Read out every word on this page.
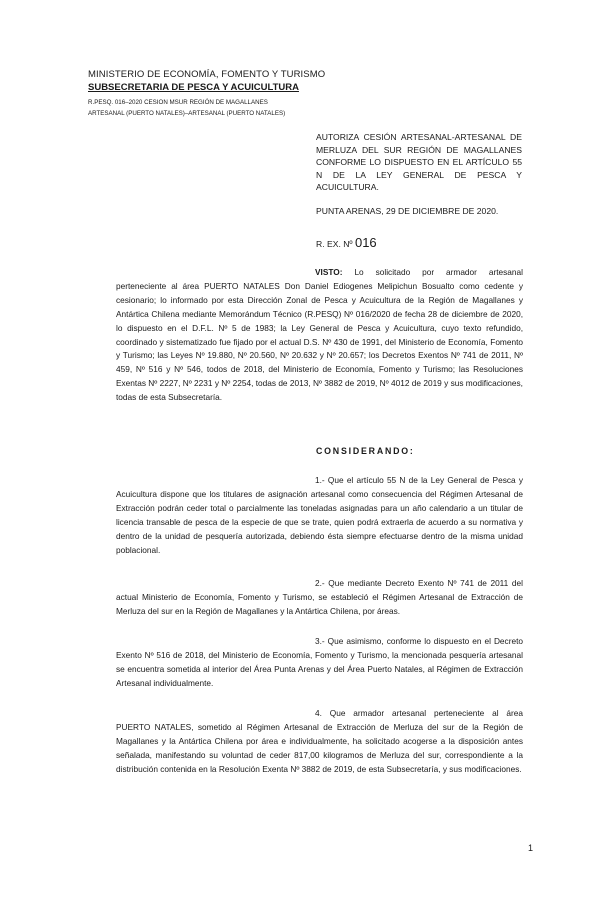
MINISTERIO DE ECONOMÍA, FOMENTO Y TURISMO
SUBSECRETARIA DE PESCA Y ACUICULTURA
R.PESQ. 016–2020 CESION MSUR REGIÓN DE MAGALLANES
ARTESANAL (PUERTO NATALES)–ARTESANAL (PUERTO NATALES)
AUTORIZA CESIÓN ARTESANAL-ARTESANAL DE MERLUZA DEL SUR REGIÓN DE MAGALLANES CONFORME LO DISPUESTO EN EL ARTÍCULO 55 N DE LA LEY GENERAL DE PESCA Y ACUICULTURA.
PUNTA ARENAS, 29 DE DICIEMBRE DE 2020.
R. EX. Nº 016
VISTO: Lo solicitado por armador artesanal perteneciente al área PUERTO NATALES Don Daniel Ediogenes Melipichun Bosualto como cedente y cesionario; lo informado por esta Dirección Zonal de Pesca y Acuicultura de la Región de Magallanes y Antártica Chilena mediante Memorándum Técnico (R.PESQ) Nº 016/2020 de fecha 28 de diciembre de 2020, lo dispuesto en el D.F.L. Nº 5 de 1983; la Ley General de Pesca y Acuicultura, cuyo texto refundido, coordinado y sistematizado fue fijado por el actual D.S. Nº 430 de 1991, del Ministerio de Economía, Fomento y Turismo; las Leyes Nº 19.880, Nº 20.560, Nº 20.632 y Nº 20.657; los Decretos Exentos Nº 741 de 2011, Nº 459, Nº 516 y Nº 546, todos de 2018, del Ministerio de Economía, Fomento y Turismo; las Resoluciones Exentas Nº 2227, Nº 2231 y Nº 2254, todas de 2013, Nº 3882 de 2019, Nº 4012 de 2019 y sus modificaciones, todas de esta Subsecretaría.
CONSIDERANDO:
1.- Que el artículo 55 N de la Ley General de Pesca y Acuicultura dispone que los titulares de asignación artesanal como consecuencia del Régimen Artesanal de Extracción podrán ceder total o parcialmente las toneladas asignadas para un año calendario a un titular de licencia transable de pesca de la especie de que se trate, quien podrá extraerla de acuerdo a su normativa y dentro de la unidad de pesquería autorizada, debiendo ésta siempre efectuarse dentro de la misma unidad poblacional.
2.- Que mediante Decreto Exento Nº 741 de 2011 del actual Ministerio de Economía, Fomento y Turismo, se estableció el Régimen Artesanal de Extracción de Merluza del sur en la Región de Magallanes y la Antártica Chilena, por áreas.
3.- Que asimismo, conforme lo dispuesto en el Decreto Exento Nº 516 de 2018, del Ministerio de Economía, Fomento y Turismo, la mencionada pesquería artesanal se encuentra sometida al interior del Área Punta Arenas y del Área Puerto Natales, al Régimen de Extracción Artesanal individualmente.
4. Que armador artesanal perteneciente al área PUERTO NATALES, sometido al Régimen Artesanal de Extracción de Merluza del sur de la Región de Magallanes y la Antártica Chilena por área e individualmente, ha solicitado acogerse a la disposición antes señalada, manifestando su voluntad de ceder 817,00 kilogramos de Merluza del sur, correspondiente a la distribución contenida en la Resolución Exenta Nº 3882 de 2019, de esta Subsecretaría, y sus modificaciones.
1
